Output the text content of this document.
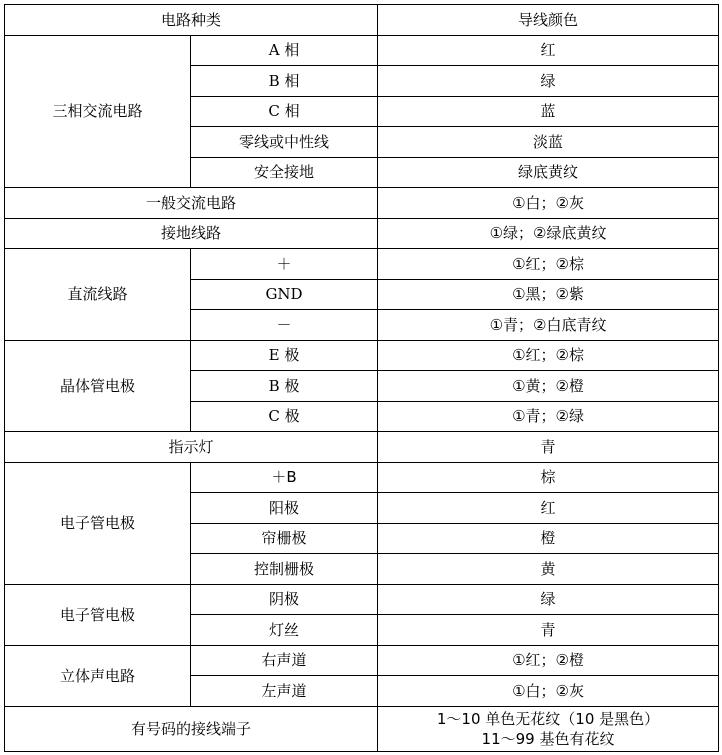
电路种类		导线颜色
三相交流电路	A 相	红
	B 相	绿
	C 相	蓝
	零线或中性线	淡蓝
	安全接地	绿底黄纹
一般交流电路		①白；②灰
接地线路		①绿；②绿底黄纹
直流线路	＋	①红；②棕
	GND	①黑；②紫
	－	①青；②白底青纹
晶体管电极	E 极	①红；②棕
	B 极	①黄；②橙
	C 极	①青；②绿
指示灯		青
电子管电极	＋B	棕
	阳极	红
	帘栅极	橙
	控制栅极	黄
电子管电极	阴极	绿
	灯丝	青
立体声电路	右声道	①红；②橙
	左声道	①白；②灰
有号码的接线端子		1～10 单色无花纹（10 是黑色）
11～99 基色有花纹
